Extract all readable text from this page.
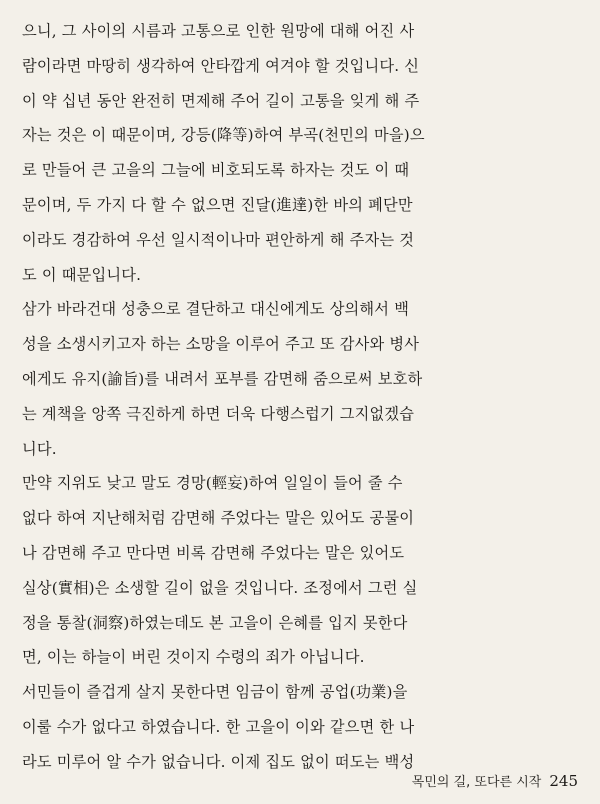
으니, 그 사이의 시름과 고통으로 인한 원망에 대해 어진 사
람이라면 마땅히 생각하여 안타깝게 여겨야 할 것입니다. 신
이 약 십년 동안 완전히 면제해 주어 길이 고통을 잊게 해 주
자는 것은 이 때문이며, 강등(降等)하여 부곡(천민의 마을)으
로 만들어 큰 고을의 그늘에 비호되도록 하자는 것도 이 때
문이며, 두 가지 다 할 수 없으면 진달(進達)한 바의 폐단만
이라도 경감하여 우선 일시적이나마 편안하게 해 주자는 것
도 이 때문입니다.
삼가 바라건대 성충으로 결단하고 대신에게도 상의해서 백
성을 소생시키고자 하는 소망을 이루어 주고 또 감사와 병사
에게도 유지(諭旨)를 내려서 포부를 감면해 줌으로써 보호하
는 계책을 앙쪽 극진하게 하면 더욱 다행스럽기 그지없겠습
니다.
만약 지위도 낮고 말도 경망(輕妄)하여 일일이 들어 줄 수
없다 하여 지난해처럼 감면해 주었다는 말은 있어도 공물이
나 감면해 주고 만다면 비록 감면해 주었다는 말은 있어도
실상(實相)은 소생할 길이 없을 것입니다. 조정에서 그런 실
정을 통찰(洞察)하였는데도 본 고을이 은혜를 입지 못한다
면, 이는 하늘이 버린 것이지 수령의 죄가 아닙니다.
서민들이 즐겁게 살지 못한다면 임금이 함께 공업(功業)을
이룰 수가 없다고 하였습니다. 한 고을이 이와 같으면 한 나
라도 미루어 알 수가 없습니다. 이제 집도 없이 떠도는 백성
목민의 길, 또다른 시작 245
